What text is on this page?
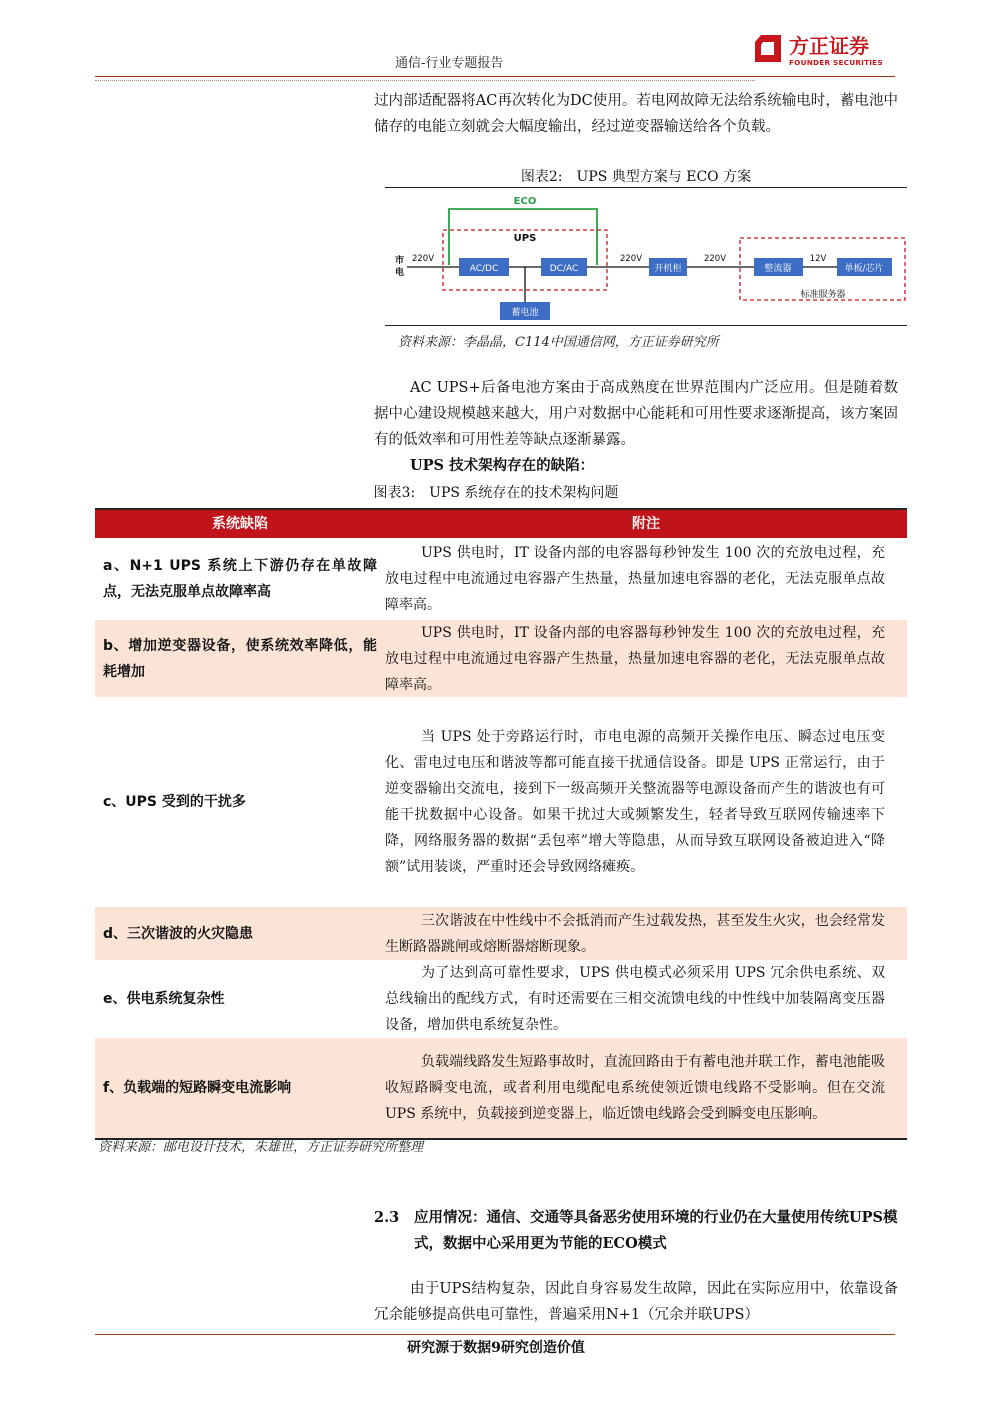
通信-行业专题报告
方正证券
FOUNDER SECURITIES

过内部适配器将AC再次转化为DC使用。若电网故障无法给系统输电时，蓄电池中储存的电能立刻就会大幅度输出，经过逆变器输送给各个负载。

图表2:　UPS 典型方案与 ECO 方案
ECO
UPS
标准服务器
市
电
220V	220V	220V	12V
AC/DC	DC/AC	开机柜	整流器	单板/芯片
蓄电池
资料来源：李晶晶，C114中国通信网，方正证券研究所

AC UPS+后备电池方案由于高成熟度在世界范围内广泛应用。但是随着数据中心建设规模越来越大，用户对数据中心能耗和可用性要求逐渐提高，该方案固有的低效率和可用性差等缺点逐渐暴露。

UPS 技术架构存在的缺陷：
图表3:　UPS 系统存在的技术架构问题
系统缺陷	附注
a、N+1 UPS 系统上下游仍存在单故障点，无法克服单点故障率高
UPS 供电时，IT 设备内部的电容器每秒钟发生 100 次的充放电过程，充放电过程中电流通过电容器产生热量，热量加速电容器的老化，无法克服单点故障率高。
b、增加逆变器设备，使系统效率降低，能耗增加
UPS 供电时，IT 设备内部的电容器每秒钟发生 100 次的充放电过程，充放电过程中电流通过电容器产生热量，热量加速电容器的老化，无法克服单点故障率高。
c、UPS 受到的干扰多
当 UPS 处于旁路运行时，市电电源的高频开关操作电压、瞬态过电压变化、雷电过电压和谐波等都可能直接干扰通信设备。即是 UPS 正常运行，由于逆变器输出交流电，接到下一级高频开关整流器等电源设备而产生的谐波也有可能干扰数据中心设备。如果干扰过大或频繁发生，轻者导致互联网传输速率下降，网络服务器的数据“丢包率”增大等隐患，从而导致互联网设备被迫进入“降额”试用装谈，严重时还会导致网络瘫痪。
d、三次谐波的火灾隐患
三次谐波在中性线中不会抵消而产生过载发热，甚至发生火灾，也会经常发生断路器跳闸或熔断器熔断现象。
e、供电系统复杂性
为了达到高可靠性要求，UPS 供电模式必须采用 UPS 冗余供电系统、双总线输出的配线方式，有时还需要在三相交流馈电线的中性线中加装隔离变压器设备，增加供电系统复杂性。
f、负载端的短路瞬变电流影响
负载端线路发生短路事故时，直流回路由于有蓄电池并联工作，蓄电池能吸收短路瞬变电流，或者利用电缆配电系统使领近馈电线路不受影响。但在交流 UPS 系统中，负载接到逆变器上，临近馈电线路会受到瞬变电压影响。
资料来源：邮电设计技术，朱雄世，方正证券研究所整理
2.3	应用情况：通信、交通等具备恶劣使用环境的行业仍在大量使用传统UPS模式，数据中心采用更为节能的ECO模式

由于UPS结构复杂，因此自身容易发生故障，因此在实际应用中，依靠设备冗余能够提高供电可靠性，普遍采用N+1（冗余并联UPS）

研究源于数据9研究创造价值
